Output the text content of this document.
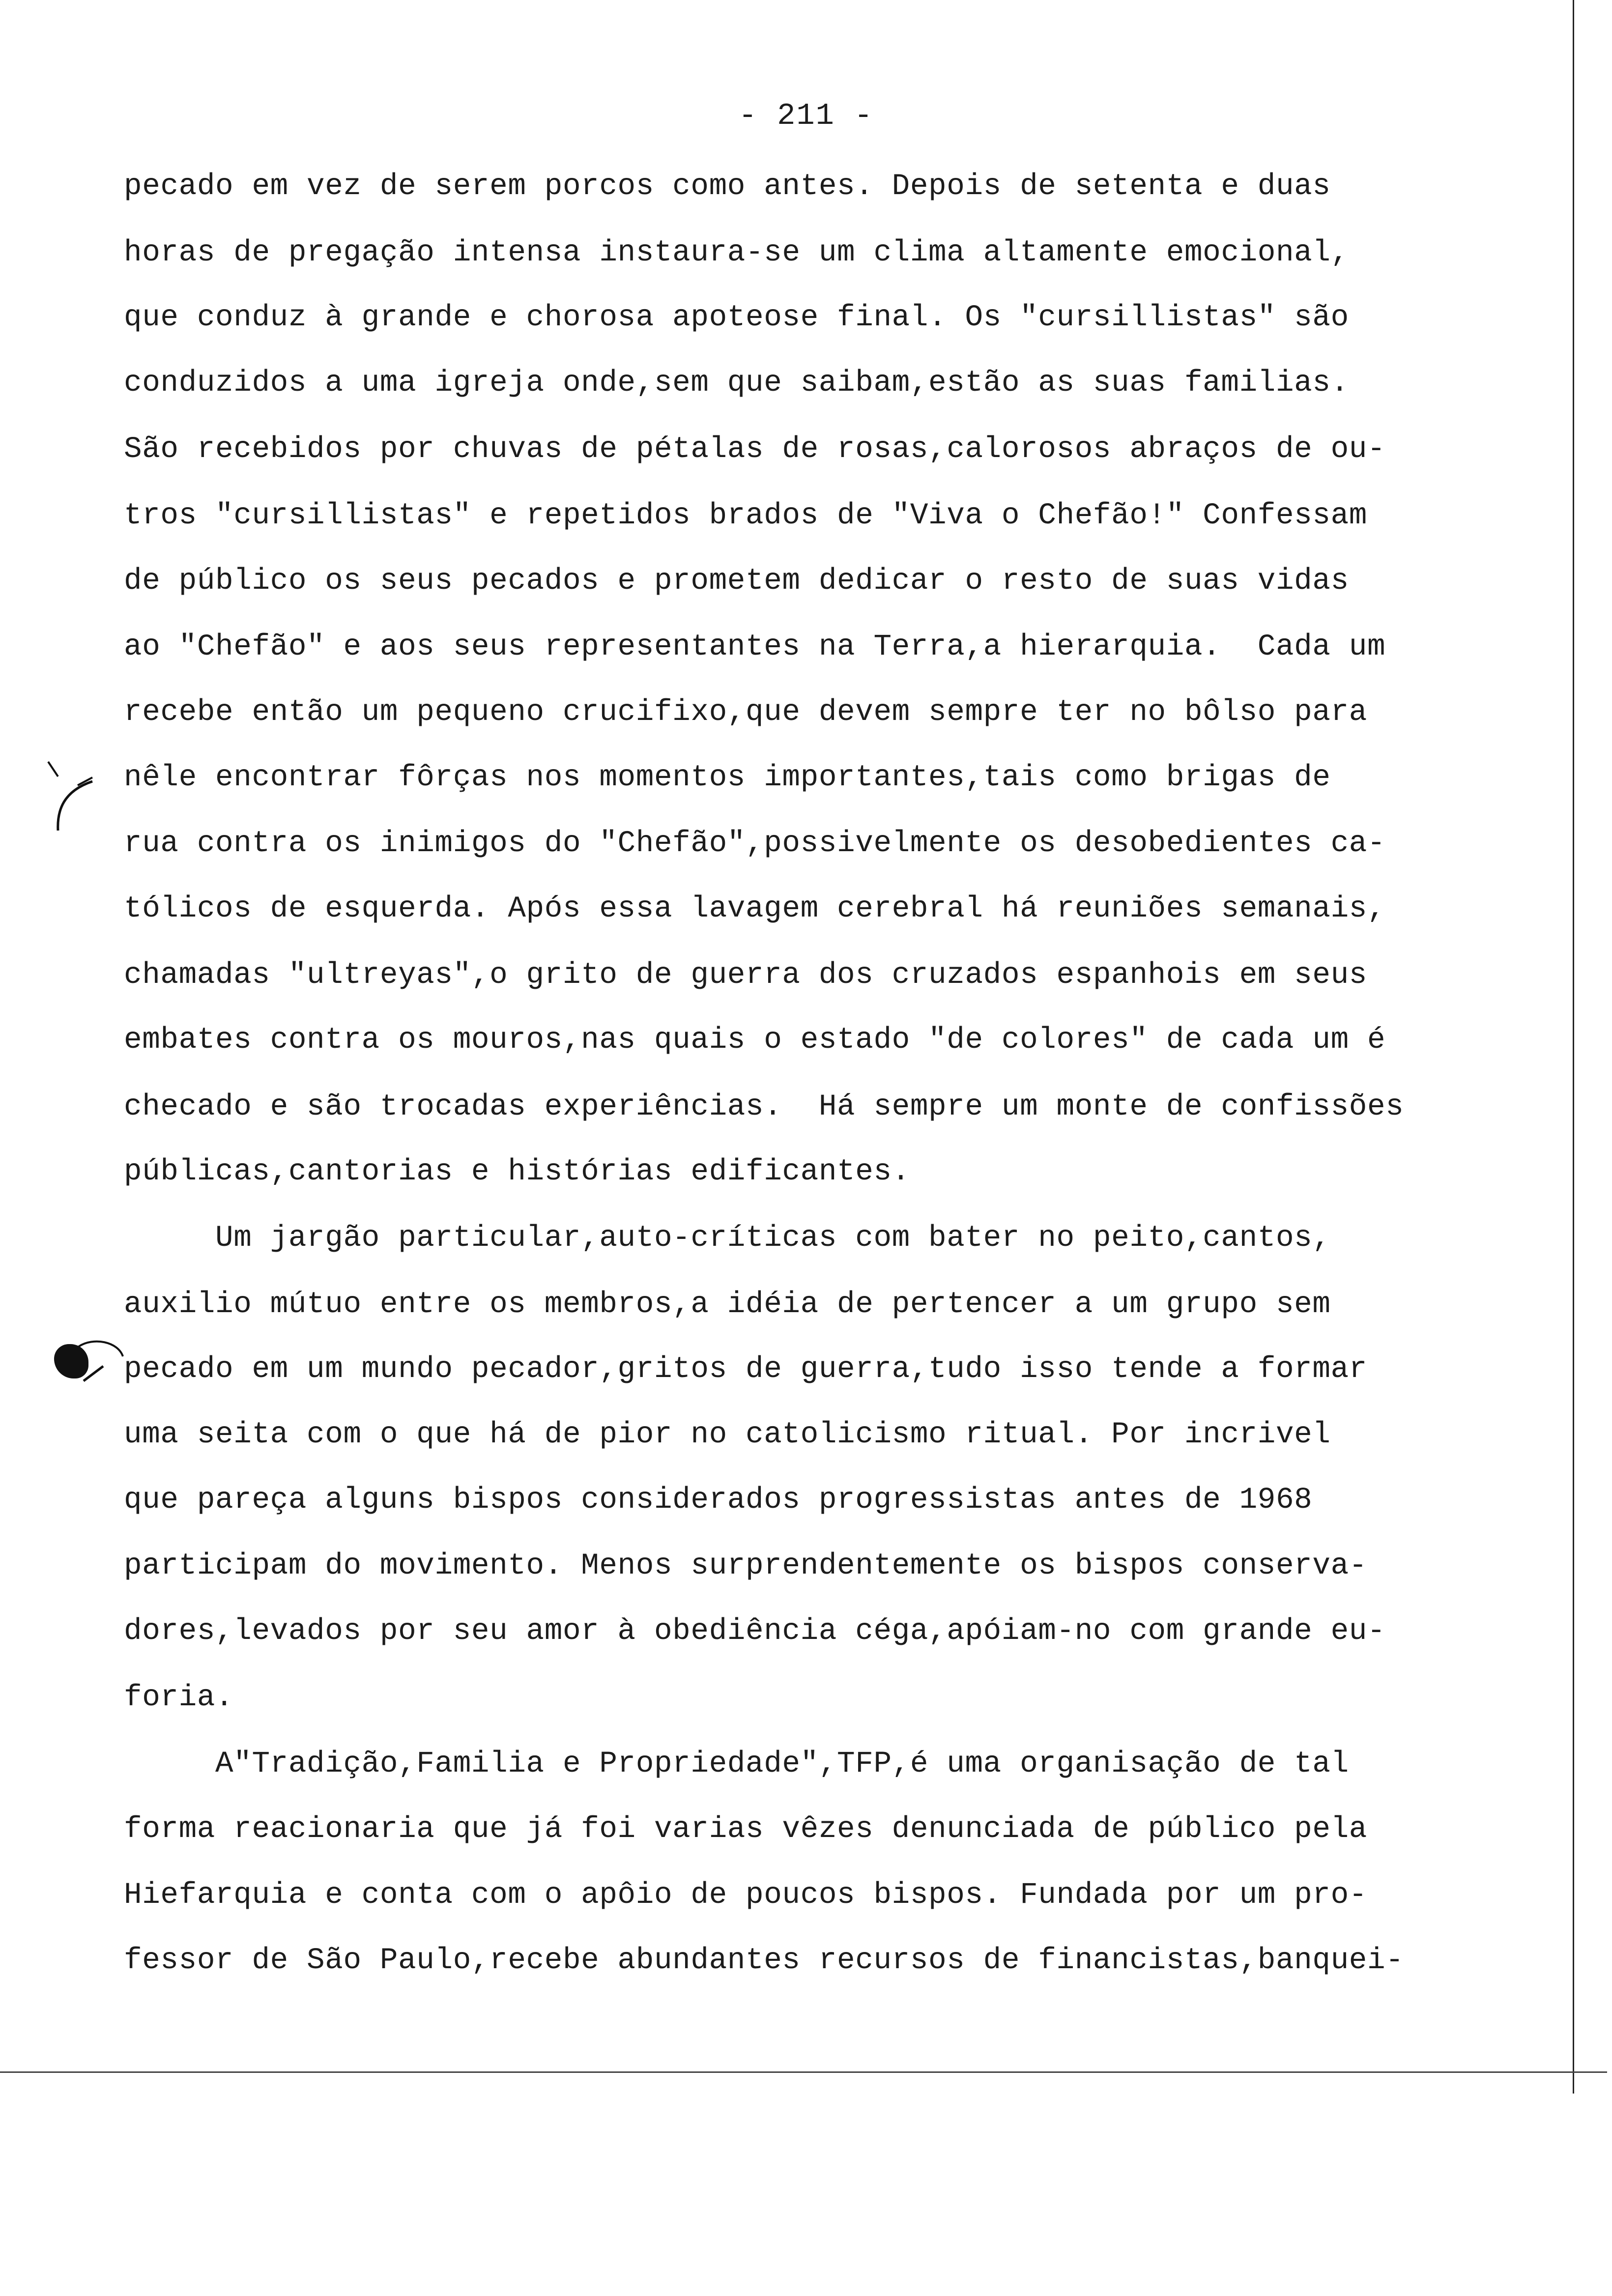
- 211 -
pecado em vez de serem porcos como antes. Depois de setenta e duas
horas de pregação intensa instaura-se um clima altamente emocional,
que conduz à grande e chorosa apoteose final. Os "cursillistas" são
conduzidos a uma igreja onde,sem que saibam,estão as suas familias.
São recebidos por chuvas de pétalas de rosas,calorosos abraços de ou-
tros "cursillistas" e repetidos brados de "Viva o Chefão!" Confessam
de público os seus pecados e prometem dedicar o resto de suas vidas
ao "Chefão" e aos seus representantes na Terra,a hierarquia.  Cada um
recebe então um pequeno crucifixo,que devem sempre ter no bôlso para
nêle encontrar fôrças nos momentos importantes,tais como brigas de
rua contra os inimigos do "Chefão",possivelmente os desobedientes ca-
tólicos de esquerda. Após essa lavagem cerebral há reuniões semanais,
chamadas "ultreyas",o grito de guerra dos cruzados espanhois em seus
embates contra os mouros,nas quais o estado "de colores" de cada um é
checado e são trocadas experiências.  Há sempre um monte de confissões
públicas,cantorias e histórias edificantes.
Um jargão particular,auto-críticas com bater no peito,cantos,
auxilio mútuo entre os membros,a idéia de pertencer a um grupo sem
pecado em um mundo pecador,gritos de guerra,tudo isso tende a formar
uma seita com o que há de pior no catolicismo ritual. Por incrivel
que pareça alguns bispos considerados progressistas antes de 1968
participam do movimento. Menos surprendentemente os bispos conserva-
dores,levados por seu amor à obediência céga,apóiam-no com grande eu-
foria.
A"Tradição,Familia e Propriedade",TFP,é uma organisação de tal
forma reacionaria que já foi varias vêzes denunciada de público pela
Hiefarquia e conta com o apôio de poucos bispos. Fundada por um pro-
fessor de São Paulo,recebe abundantes recursos de financistas,banquei-
